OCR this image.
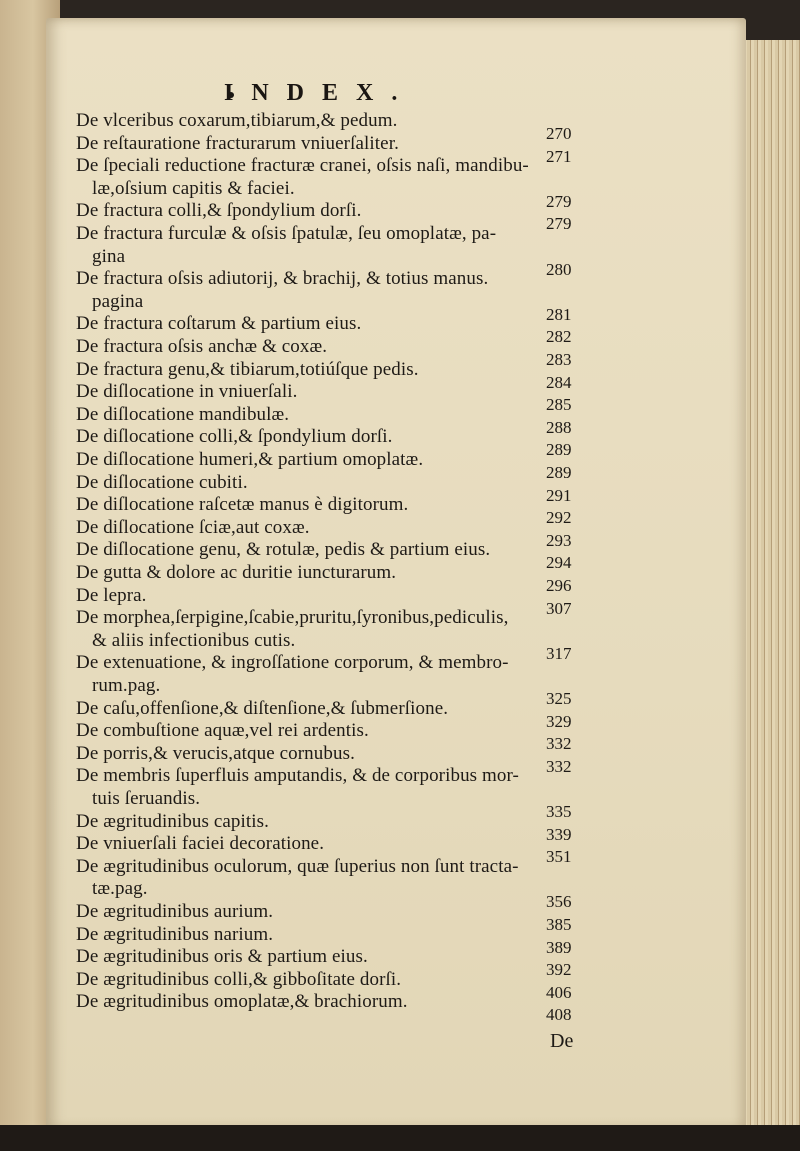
INDEX.
De vlceribus coxarum,tibiarum,& pedum.
270
De reſtauratione fracturarum vniuerſaliter.
271
De ſpeciali reductione fracturæ cranei, oſsis naſi, mandibu-
læ,oſsium capitis & faciei.
279
De fractura colli,& ſpondylium dorſi.
279
De fractura furculæ & oſsis ſpatulæ, ſeu omoplatæ, pa-
gina
280
De fractura oſsis adiutorij, & brachij, & totius manus.
pagina
281
De fractura coſtarum & partium eius.
282
De fractura oſsis anchæ & coxæ.
283
De fractura genu,& tibiarum,totiúſque pedis.
284
De diſlocatione in vniuerſali.
285
De diſlocatione mandibulæ.
288
De diſlocatione colli,& ſpondylium dorſi.
289
De diſlocatione humeri,& partium omoplatæ.
289
De diſlocatione cubiti.
291
De diſlocatione raſcetæ manus è digitorum.
292
De diſlocatione ſciæ,aut coxæ.
293
De diſlocatione genu, & rotulæ, pedis & partium eius.
294
De gutta & dolore ac duritie iuncturarum.
296
De lepra.
307
De morphea,ſerpigine,ſcabie,pruritu,ſyronibus,pediculis,
& aliis infectionibus cutis.
317
De extenuatione, & ingroſſatione corporum, & membro-
rum.pag.
325
De caſu,offenſione,& diſtenſione,& ſubmerſione.
329
De combuſtione aquæ,vel rei ardentis.
332
De porris,& verucis,atque cornubus.
332
De membris ſuperfluis amputandis, & de corporibus mor-
tuis ſeruandis.
335
De ægritudinibus capitis.
339
De vniuerſali faciei decoratione.
351
De ægritudinibus oculorum, quæ ſuperius non ſunt tracta-
tæ.pag.
356
De ægritudinibus aurium.
385
De ægritudinibus narium.
389
De ægritudinibus oris & partium eius.
392
De ægritudinibus colli,& gibboſitate dorſi.
406
De ægritudinibus omoplatæ,& brachiorum.
408
De
